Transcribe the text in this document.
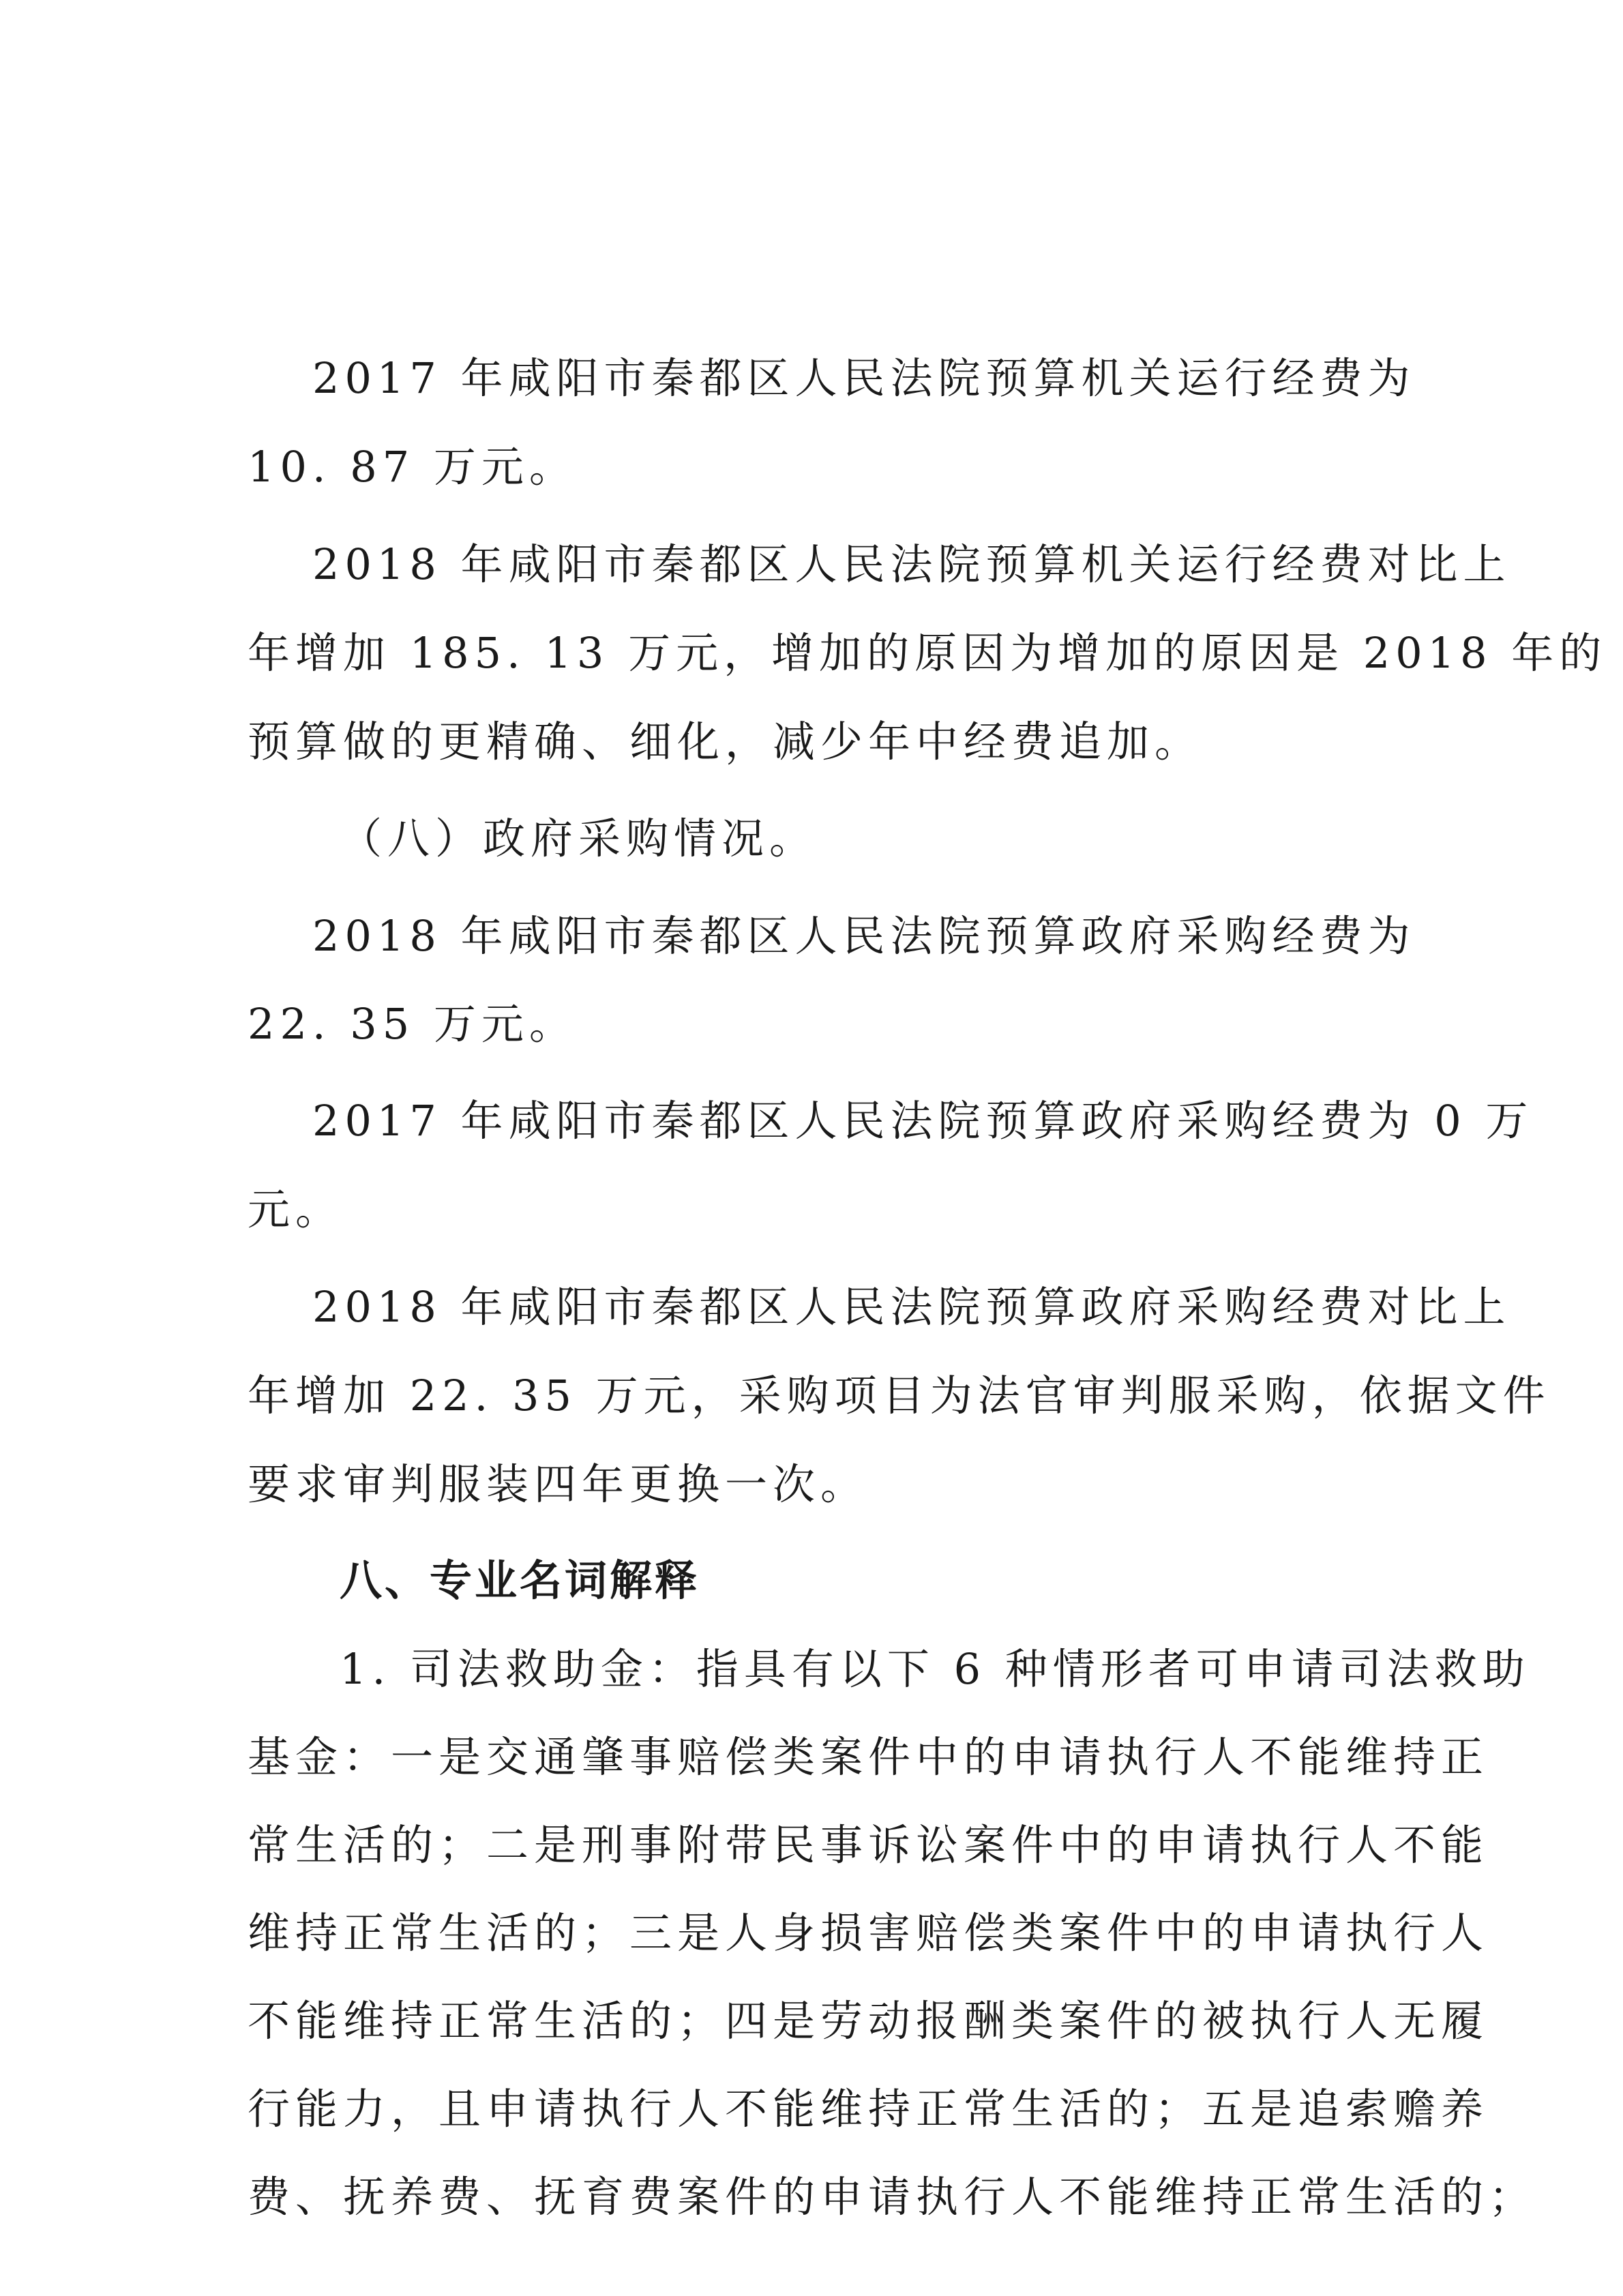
2017 年咸阳市秦都区人民法院预算机关运行经费为
10. 87 万元。
2018 年咸阳市秦都区人民法院预算机关运行经费对比上
年增加 185. 13 万元，增加的原因为增加的原因是 2018 年的
预算做的更精确、细化，减少年中经费追加。
（八）政府采购情况。
2018 年咸阳市秦都区人民法院预算政府采购经费为
22. 35 万元。
2017 年咸阳市秦都区人民法院预算政府采购经费为 0 万
元。
2018 年咸阳市秦都区人民法院预算政府采购经费对比上
年增加 22. 35 万元，采购项目为法官审判服采购，依据文件
要求审判服装四年更换一次。
八、专业名词解释
1. 司法救助金：指具有以下 6 种情形者可申请司法救助
基金：一是交通肇事赔偿类案件中的申请执行人不能维持正
常生活的；二是刑事附带民事诉讼案件中的申请执行人不能
维持正常生活的；三是人身损害赔偿类案件中的申请执行人
不能维持正常生活的；四是劳动报酬类案件的被执行人无履
行能力，且申请执行人不能维持正常生活的；五是追索赡养
费、抚养费、抚育费案件的申请执行人不能维持正常生活的；
